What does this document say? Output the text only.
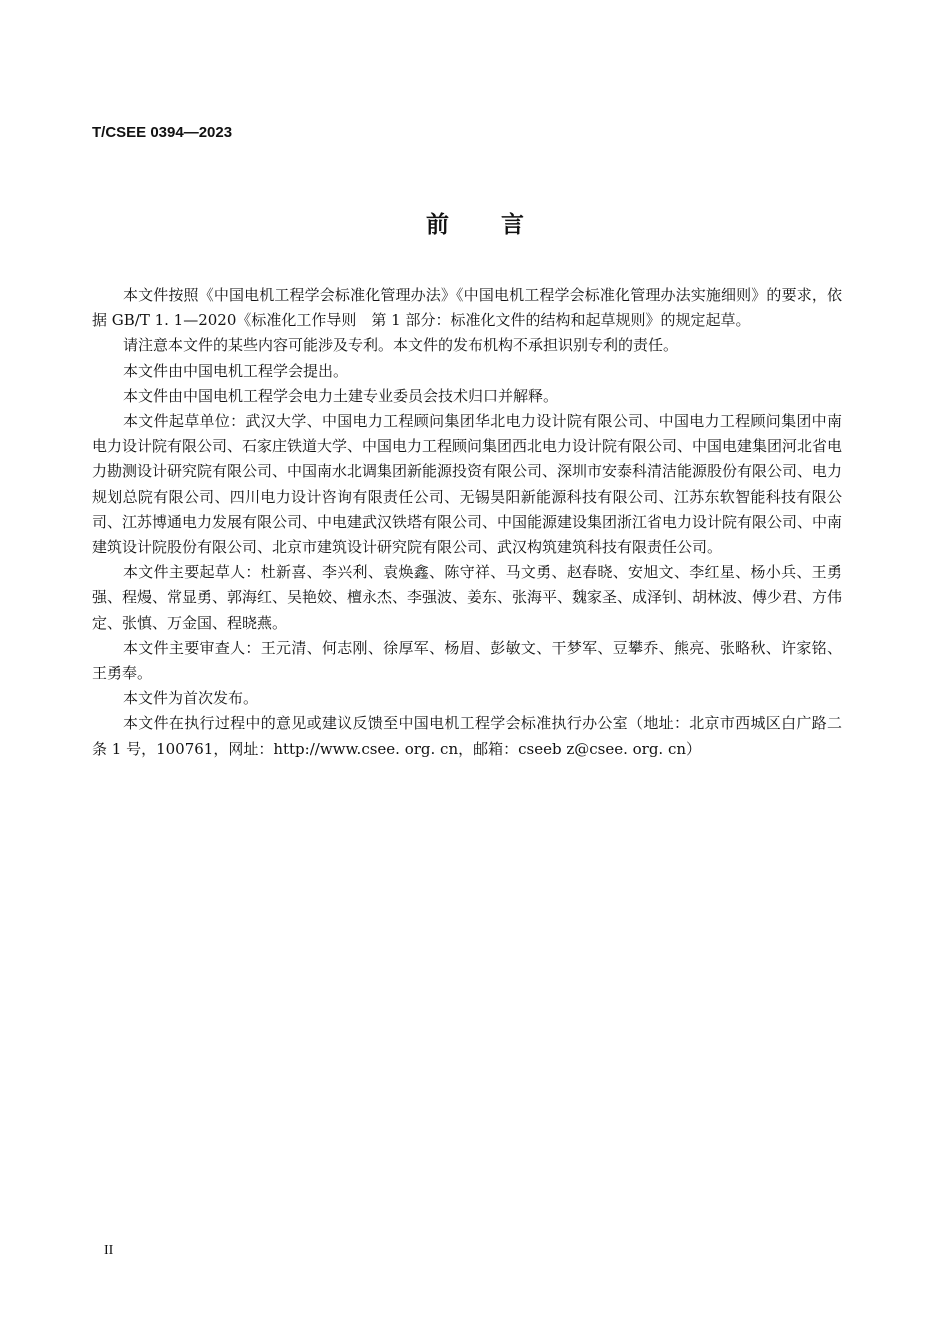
T/CSEE 0394—2023
前言

本文件按照《中国电机工程学会标准化管理办法》《中国电机工程学会标准化管理办法实施细则》的要求，依据 GB/T 1. 1—2020《标准化工作导则　第 1 部分：标准化文件的结构和起草规则》的规定起草。

请注意本文件的某些内容可能涉及专利。本文件的发布机构不承担识别专利的责任。

本文件由中国电机工程学会提出。

本文件由中国电机工程学会电力土建专业委员会技术归口并解释。

本文件起草单位：武汉大学、中国电力工程顾问集团华北电力设计院有限公司、中国电力工程顾问集团中南电力设计院有限公司、石家庄铁道大学、中国电力工程顾问集团西北电力设计院有限公司、中国电建集团河北省电力勘测设计研究院有限公司、中国南水北调集团新能源投资有限公司、深圳市安泰科清洁能源股份有限公司、电力规划总院有限公司、四川电力设计咨询有限责任公司、无锡昊阳新能源科技有限公司、江苏东软智能科技有限公司、江苏博通电力发展有限公司、中电建武汉铁塔有限公司、中国能源建设集团浙江省电力设计院有限公司、中南建筑设计院股份有限公司、北京市建筑设计研究院有限公司、武汉构筑建筑科技有限责任公司。

本文件主要起草人：杜新喜、李兴利、袁焕鑫、陈守祥、马文勇、赵春晓、安旭文、李红星、杨小兵、王勇强、程熳、常显勇、郭海红、吴艳姣、檀永杰、李强波、姜东、张海平、魏家圣、成泽钊、胡林波、傅少君、方伟定、张慎、万金国、程晓燕。

本文件主要审查人：王元清、何志刚、徐厚军、杨眉、彭敏文、干梦军、豆攀乔、熊亮、张略秋、许家铭、王勇奉。

本文件为首次发布。

本文件在执行过程中的意见或建议反馈至中国电机工程学会标准执行办公室（地址：北京市西城区白广路二条 1 号，100761，网址：http://www.csee. org. cn，邮箱：cseeb z@csee. org. cn）

II
